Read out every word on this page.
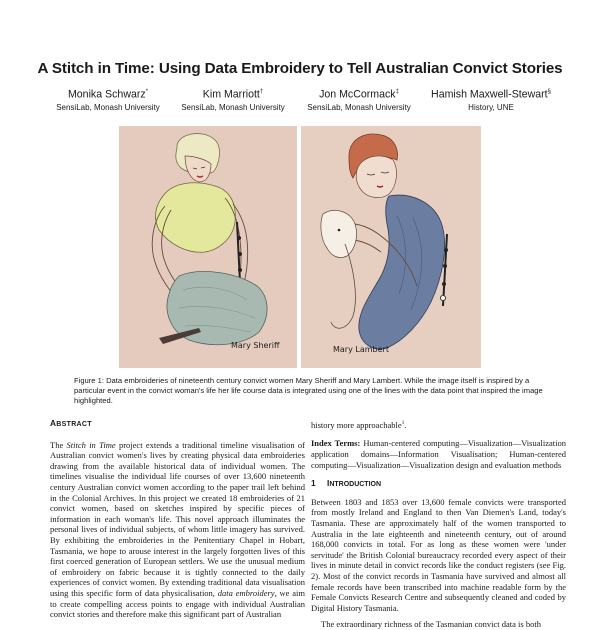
A Stitch in Time: Using Data Embroidery to Tell Australian Convict Stories
Monika Schwarz*
SensiLab, Monash University
Kim Marriott†
SensiLab, Monash University
Jon McCormack‡
SensiLab, Monash University
Hamish Maxwell-Stewart§
History, UNE
Mary Sheriff	Mary Lambert
Figure 1: Data embroideries of nineteenth century convict women Mary Sheriff and Mary Lambert. While the image itself is inspired by a particular event in the convict woman's life her life course data is integrated using one of the lines with the data point that inspired the image highlighted.
ABSTRACT

The Stitch in Time project extends a traditional timeline visualisation of Australian convict women's lives by creating physical data embroideries drawing from the available historical data of individual women. The timelines visualise the individual life courses of over 13,600 nineteenth century Australian convict women according to the paper trail left behind in the Colonial Archives. In this project we created 18 embroideries of 21 convict women, based on sketches inspired by specific pieces of information in each woman's life. This novel approach illuminates the personal lives of individual subjects, of whom little imagery has survived. By exhibiting the embroideries in the Penitentiary Chapel in Hobart, Tasmania, we hope to arouse interest in the largely forgotten lives of this first coerced generation of European settlers. We use the unusual medium of embroidery on fabric because it is tightly connected to the daily experiences of convict women. By extending traditional data visualisation using this specific form of data physicalisation, data embroidery, we aim to create compelling access points to engage with individual Australian convict stories and therefore make this significant part of Australian

history more approachable$^1$.

Index Terms: Human-centered computing—Visualization—Visualization application domains—Information Visualisation; Human-centered computing—Visualization—Visualization design and evaluation methods

1 INTRODUCTION

Between 1803 and 1853 over 13,600 female convicts were transported from mostly Ireland and England to then Van Diemen's Land, today's Tasmania. These are approximately half of the women transported to Australia in the late eighteenth and nineteenth century, out of around 168,000 convicts in total. For as long as these women were 'under servitude' the British Colonial bureaucracy recorded every aspect of their lives in minute detail in convict records like the conduct registers (see Fig. 2). Most of the convict records in Tasmania have survived and almost all female records have been transcribed into machine readable form by the Female Convicts Research Centre and subsequently cleaned and coded by Digital History Tasmania.

The extraordinary richness of the Tasmanian convict data is both
